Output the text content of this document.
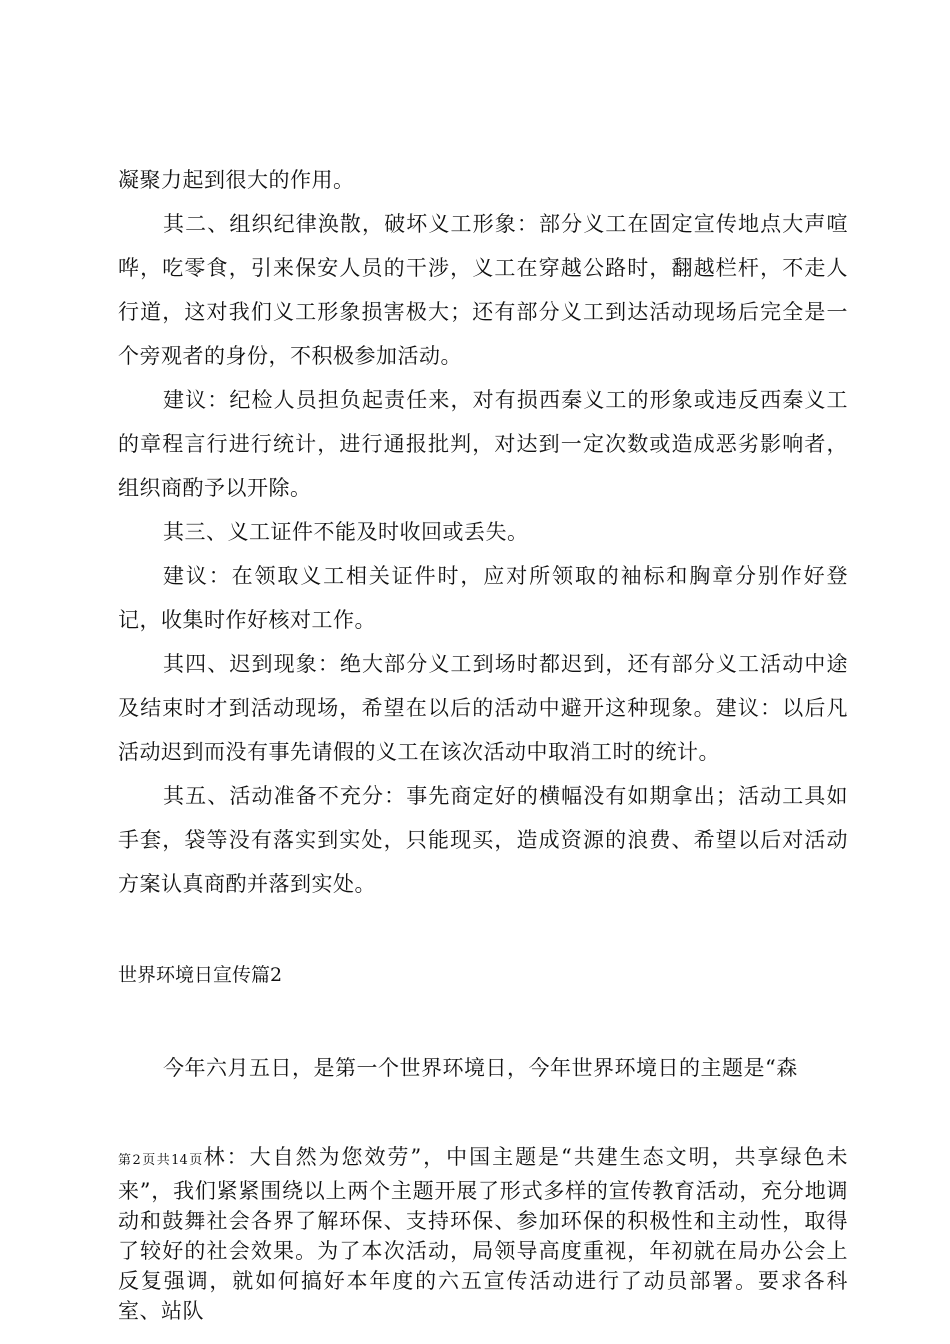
凝聚力起到很大的作用。

其二、组织纪律涣散，破坏义工形象：部分义工在固定宣传地点大声喧哗，吃零食，引来保安人员的干涉，义工在穿越公路时，翻越栏杆，不走人行道，这对我们义工形象损害极大；还有部分义工到达活动现场后完全是一个旁观者的身份，不积极参加活动。

建议：纪检人员担负起责任来，对有损西秦义工的形象或违反西秦义工的章程言行进行统计，进行通报批判，对达到一定次数或造成恶劣影响者，组织商酌予以开除。

其三、义工证件不能及时收回或丢失。

建议：在领取义工相关证件时，应对所领取的袖标和胸章分别作好登记，收集时作好核对工作。

其四、迟到现象：绝大部分义工到场时都迟到，还有部分义工活动中途及结束时才到活动现场，希望在以后的活动中避开这种现象。建议：以后凡活动迟到而没有事先请假的义工在该次活动中取消工时的统计。

其五、活动准备不充分：事先商定好的横幅没有如期拿出；活动工具如手套，袋等没有落实到实处，只能现买，造成资源的浪费、希望以后对活动方案认真商酌并落到实处。

世界环境日宣传篇2

今年六月五日，是第一个世界环境日，今年世界环境日的主题是“森

第2页共14页林：大自然为您效劳”，中国主题是“共建生态文明，共享绿色未来”，我们紧紧围绕以上两个主题开展了形式多样的宣传教育活动，充分地调动和鼓舞社会各界了解环保、支持环保、参加环保的积极性和主动性，取得了较好的社会效果。为了本次活动，局领导高度重视，年初就在局办公会上反复强调，就如何搞好本年度的六五宣传活动进行了动员部署。要求各科室、站队
